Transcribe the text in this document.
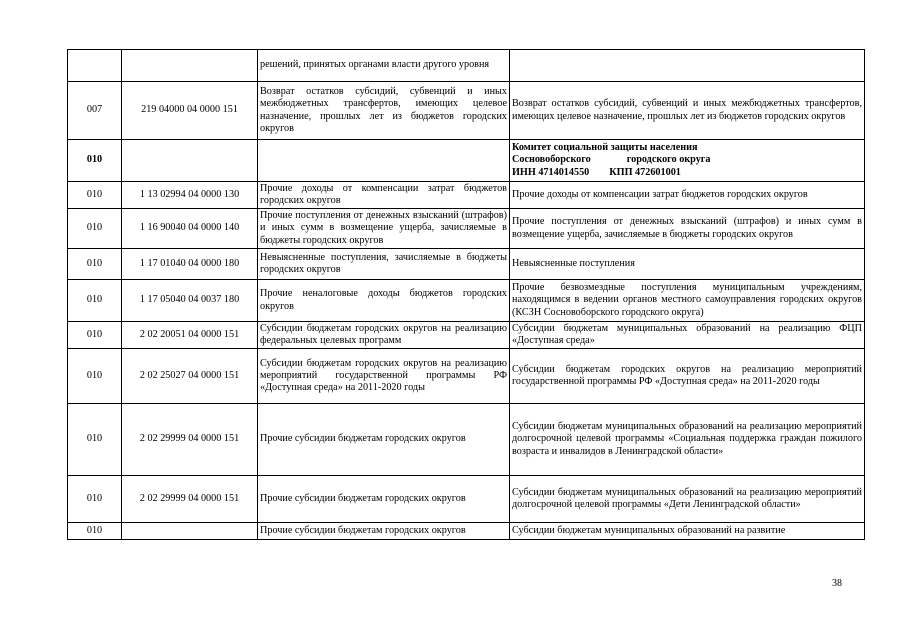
		решений, принятых органами власти другого уровня	
007	219 04000 04 0000 151	Возврат остатков субсидий, субвенций и иных межбюджетных трансфертов, имеющих целевое назначение, прошлых лет из бюджетов городских округов	Возврат остатков субсидий, субвенций и иных межбюджетных трансфертов, имеющих целевое назначение, прошлых лет из бюджетов городских округов
010			Комитет социальной защиты населения
Сосновоборского городского округа
ИНН 4714014550 КПП 472601001

010	1 13 02994 04 0000 130	Прочие доходы от компенсации затрат бюджетов городских округов	Прочие доходы от компенсации затрат бюджетов городских округов
010	1 16 90040 04 0000 140	Прочие поступления от денежных взысканий (штрафов) и иных сумм в возмещение ущерба, зачисляемые в бюджеты городских округов	Прочие поступления от денежных взысканий (штрафов) и иных сумм в возмещение ущерба, зачисляемые в бюджеты городских округов
010	1 17 01040 04 0000 180	Невыясненные поступления, зачисляемые в бюджеты городских округов	Невыясненные поступления
010	1 17 05040 04 0037 180	Прочие неналоговые доходы бюджетов городских округов	Прочие безвозмездные поступления муниципальным учреждениям, находящимся в ведении органов местного самоуправления городских округов (КСЗН Сосновоборского городского округа)
010	2 02 20051 04 0000 151	Субсидии бюджетам городских округов на реализацию федеральных целевых программ	Субсидии бюджетам муниципальных образований на реализацию ФЦП «Доступная среда»
010	2 02 25027 04 0000 151	Субсидии бюджетам городских округов на реализацию мероприятий государственной программы РФ «Доступная среда» на 2011-2020 годы	Субсидии бюджетам городских округов на реализацию мероприятий государственной программы РФ «Доступная среда» на 2011-2020 годы
010	2 02 29999 04 0000 151	Прочие субсидии бюджетам городских округов	Субсидии бюджетам муниципальных образований на реализацию мероприятий долгосрочной целевой программы «Социальная поддержка граждан пожилого возраста и инвалидов в Ленинградской области»
010	2 02 29999 04 0000 151	Прочие субсидии бюджетам городских округов	Субсидии бюджетам муниципальных образований на реализацию мероприятий долгосрочной целевой программы «Дети Ленинградской области»
010		Прочие субсидии бюджетам городских округов	Субсидии бюджетам муниципальных образований на развитие
38
